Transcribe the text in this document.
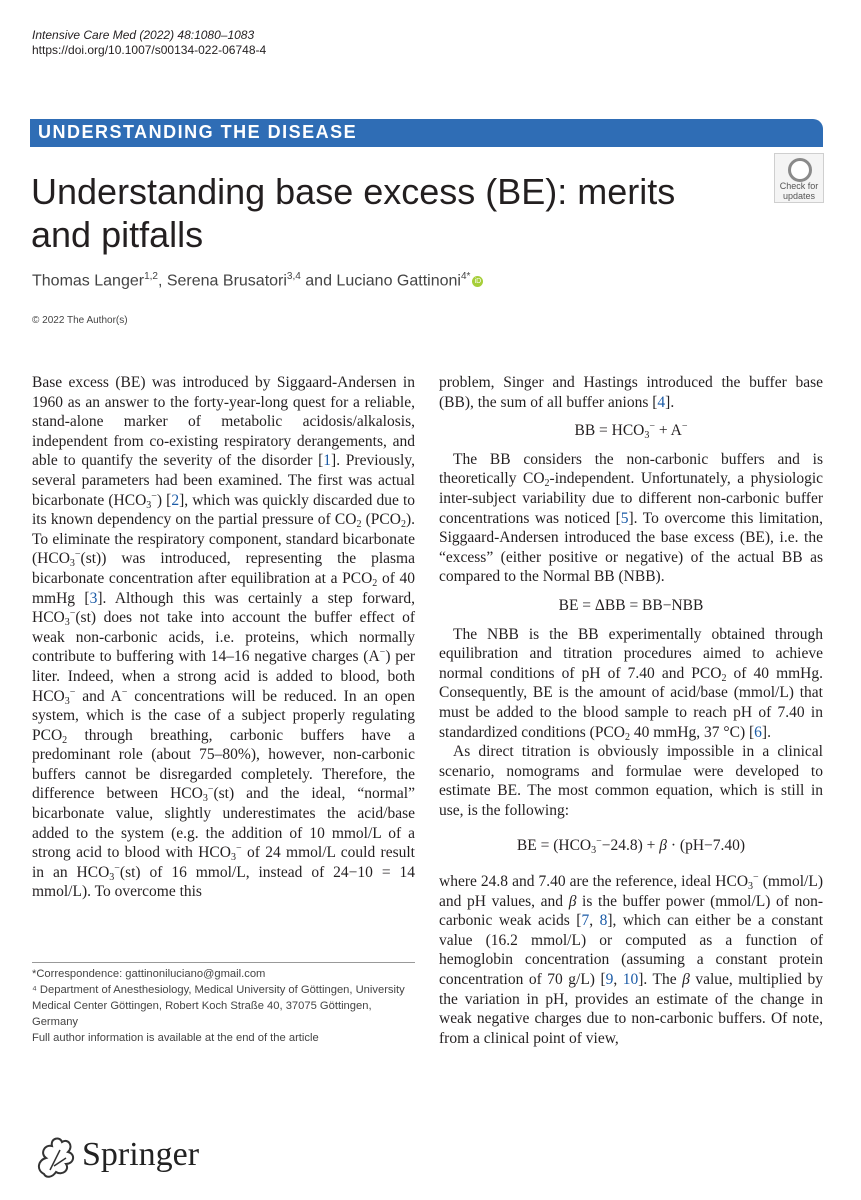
Intensive Care Med (2022) 48:1080–1083
https://doi.org/10.1007/s00134-022-06748-4
UNDERSTANDING THE DISEASE
Understanding base excess (BE): merits and pitfalls
Check for updates
Thomas Langer$^{1,2}$, Serena Brusatori$^{3,4}$ and Luciano Gattinoni$^{4*}$ iD
© 2022 The Author(s)

Base excess (BE) was introduced by Siggaard-Andersen in 1960 as an answer to the forty-year-long quest for a reliable, stand-alone marker of metabolic acidosis/alkalosis, independent from co-existing respiratory derangements, and able to quantify the severity of the disorder [1]. Previously, several parameters had been examined. The first was actual bicarbonate $(HCO_3^-)$ [2], which was quickly discarded due to its known dependency on the partial pressure of $CO_2$ $(PCO_2)$. To eliminate the respiratory component, standard bicarbonate $(HCO_3^-(st))$ was introduced, representing the plasma bicarbonate concentration after equilibration at a $PCO_2$ of 40 mmHg [3]. Although this was certainly a step forward, $HCO_3^-(st)$ does not take into account the buffer effect of weak non-carbonic acids, i.e. proteins, which normally contribute to buffering with 14–16 negative charges (A−) per liter. Indeed, when a strong acid is added to blood, both $HCO_3^-$ and A− concentrations will be reduced. In an open system, which is the case of a subject properly regulating $PCO_2$ through breathing, carbonic buffers have a predominant role (about 75–80%), however, non-carbonic buffers cannot be disregarded completely. Therefore, the difference between $HCO_3^-(st)$ and the ideal, “normal” bicarbonate value, slightly underestimates the acid/base added to the system (e.g. the addition of 10 mmol/L of a strong acid to blood with $HCO_3^-$ of 24 mmol/L could result in an $HCO_3^-(st)$ of 16 mmol/L, instead of 24−10 = 14 mmol/L). To overcome this

problem, Singer and Hastings introduced the buffer base (BB), the sum of all buffer anions [4].

BB = $HCO_3^- + A^-$

The BB considers the non-carbonic buffers and is theoretically $CO_2$-independent. Unfortunately, a physiologic inter-subject variability due to different non-carbonic buffer concentrations was noticed [5]. To overcome this limitation, Siggaard-Andersen introduced the base excess (BE), i.e. the “excess” (either positive or negative) of the actual BB as compared to the Normal BB (NBB).

BE = ΔBB = BB−NBB

The NBB is the BB experimentally obtained through equilibration and titration procedures aimed to achieve normal conditions of pH of 7.40 and $PCO_2$ of 40 mmHg. Consequently, BE is the amount of acid/base (mmol/L) that must be added to the blood sample to reach pH of 7.40 in standardized conditions ($PCO_2$ 40 mmHg, 37 °C) [6].

As direct titration is obviously impossible in a clinical scenario, nomograms and formulae were developed to estimate BE. The most common equation, which is still in use, is the following:

BE = $(HCO_3^--24.8) + \beta \cdot (pH-7.40)$

where 24.8 and 7.40 are the reference, ideal $HCO_3^-$ (mmol/L) and pH values, and β is the buffer power (mmol/L) of non-carbonic weak acids [7, 8], which can either be a constant value (16.2 mmol/L) or computed as a function of hemoglobin concentration (assuming a constant protein concentration of 70 g/L) [9, 10]. The β value, multiplied by the variation in pH, provides an estimate of the change in weak negative charges due to non-carbonic buffers. Of note, from a clinical point of view,

*Correspondence: gattinoniluciano@gmail.com

⁴ Department of Anesthesiology, Medical University of Göttingen, University Medical Center Göttingen, Robert Koch Straße 40, 37075 Göttingen, Germany

Full author information is available at the end of the article

Springer
